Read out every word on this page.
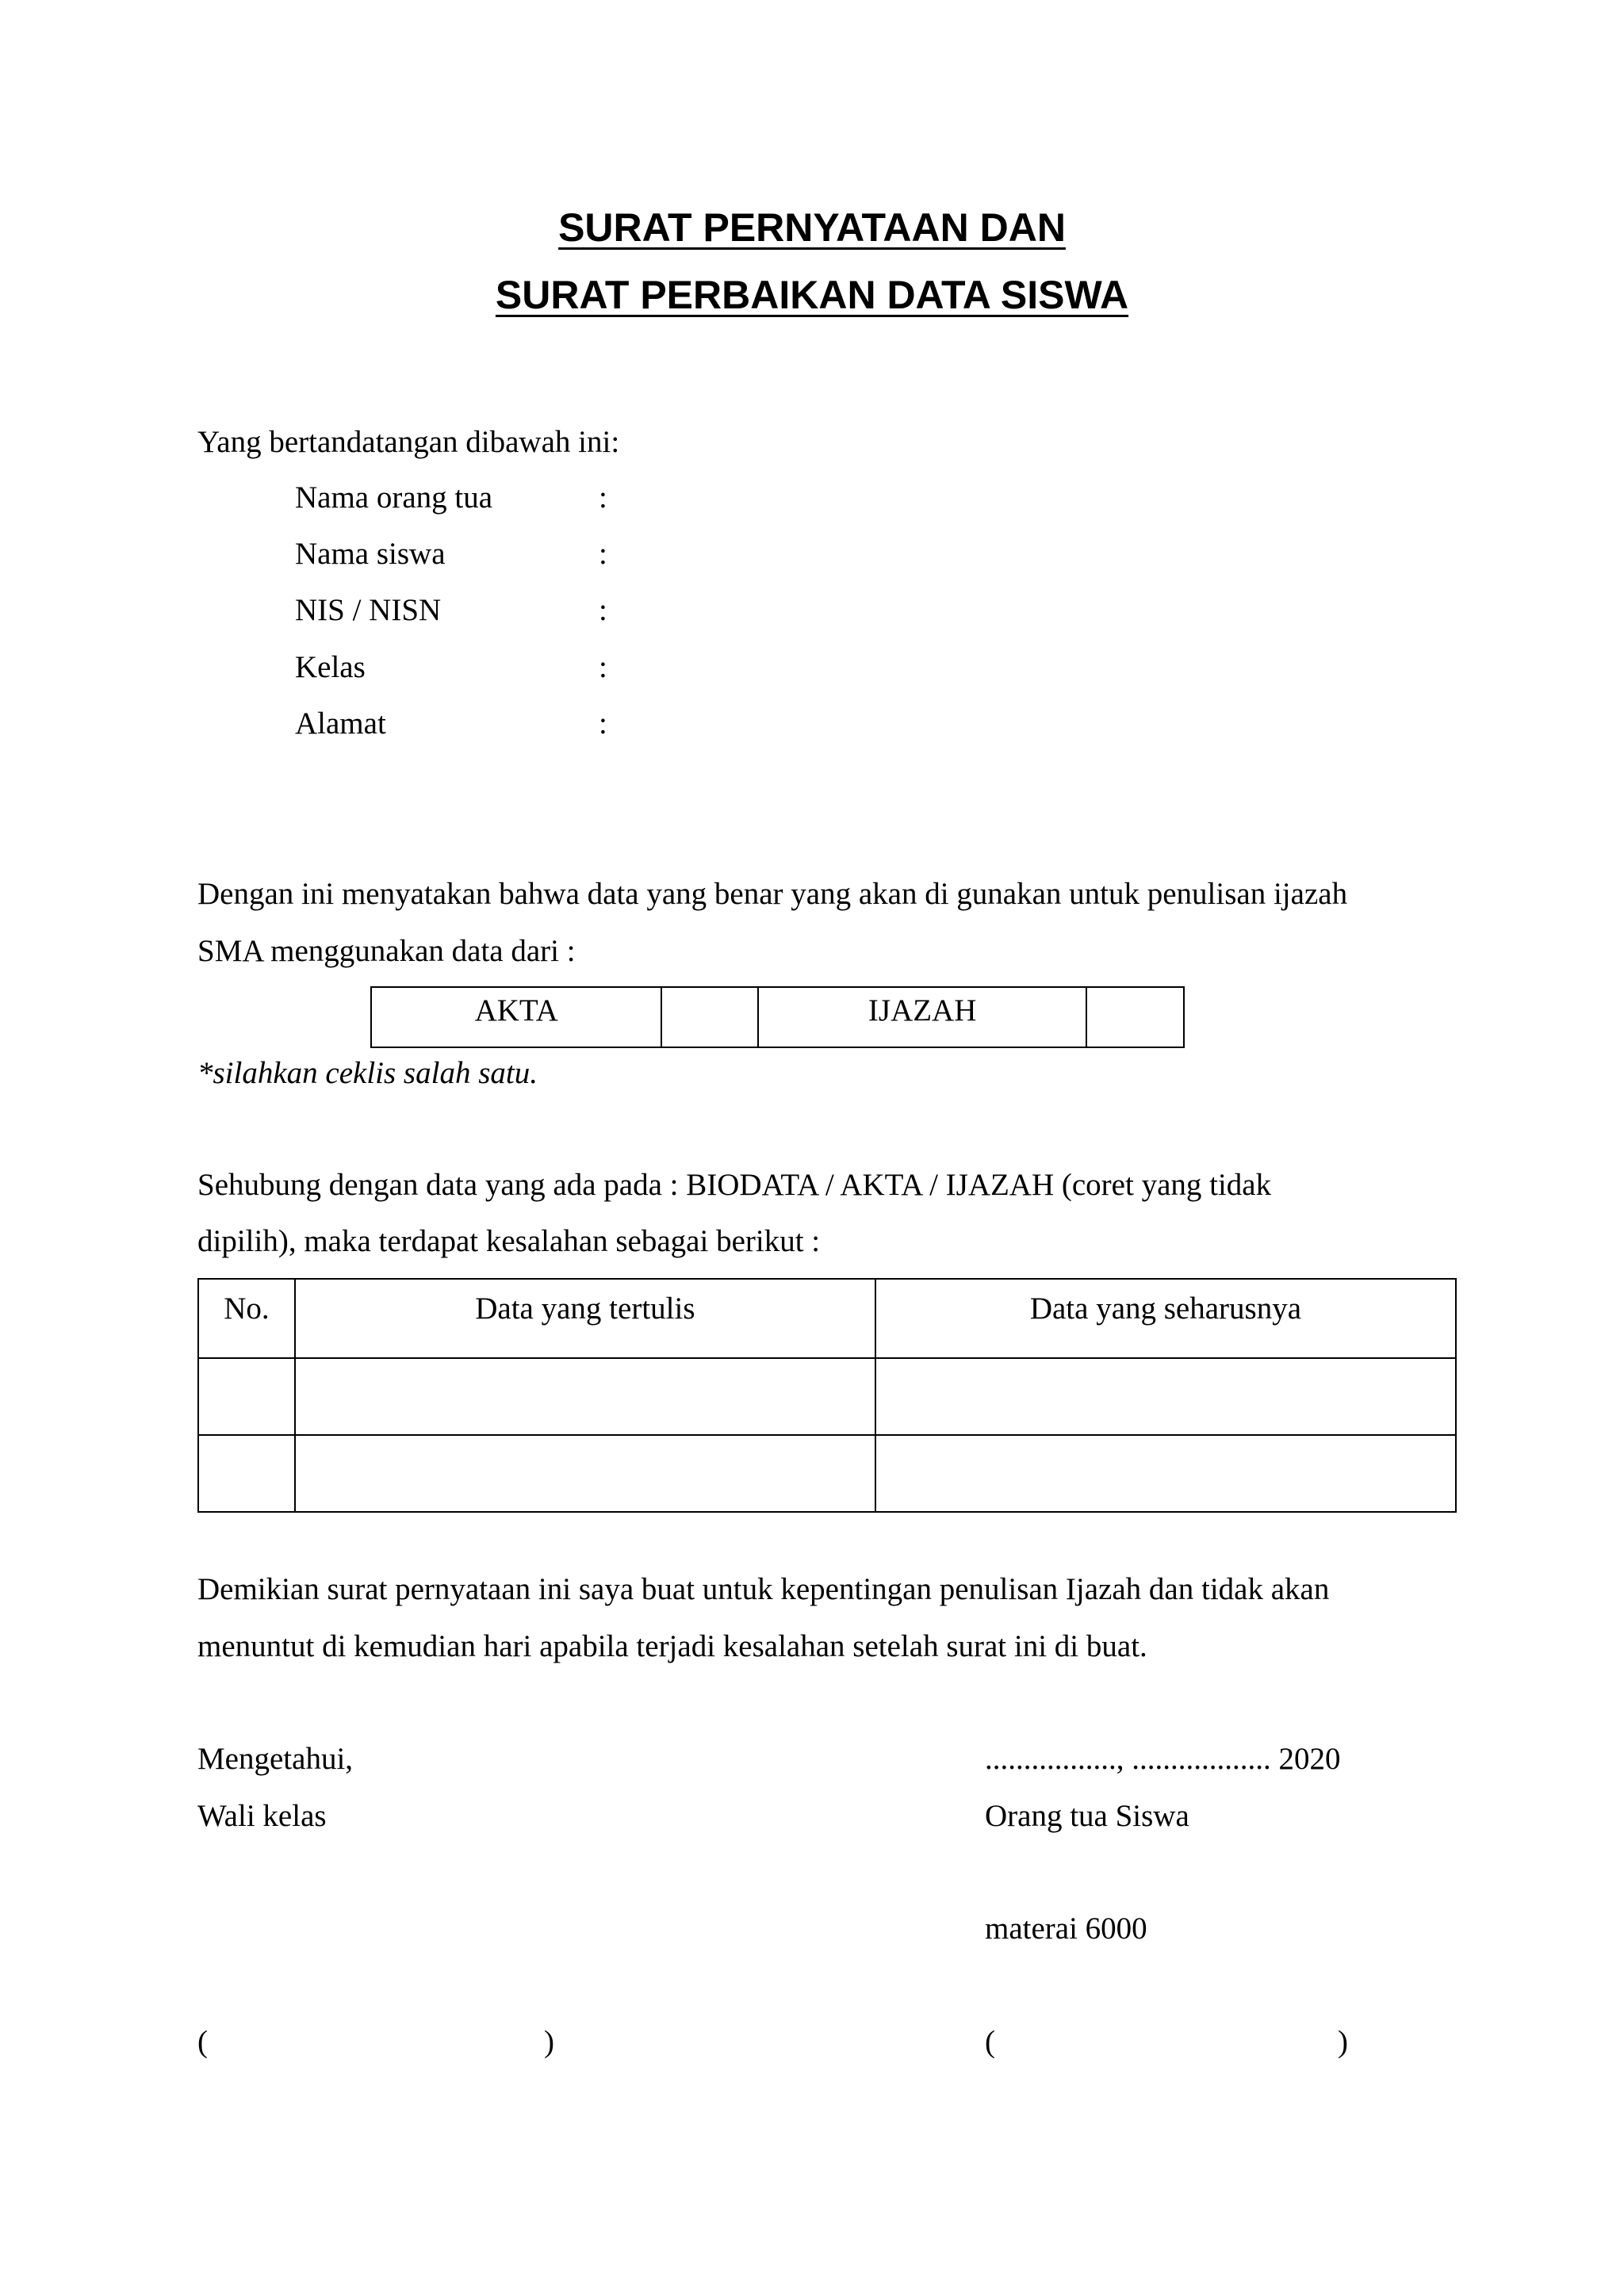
SURAT PERNYATAAN DAN
SURAT PERBAIKAN DATA SISWA
Yang bertandatangan dibawah ini:
Nama orang tua	:
Nama siswa	:
NIS / NISN	:
Kelas	:
Alamat	:
Dengan ini menyatakan bahwa data yang benar yang akan di gunakan untuk penulisan ijazah
SMA menggunakan data dari :
AKTA		IJAZAH	
*silahkan ceklis salah satu.
Sehubung dengan data yang ada pada : BIODATA / AKTA / IJAZAH (coret yang tidak
dipilih), maka terdapat kesalahan sebagai berikut :
No.	Data yang tertulis	Data yang seharusnya

Demikian surat pernyataan ini saya buat untuk kepentingan penulisan Ijazah dan tidak akan
menuntut di kemudian hari apabila terjadi kesalahan setelah surat ini di buat.
Mengetahui,
Wali kelas
(	)
................., .................. 2020
Orang tua Siswa
materai 6000
(	)
